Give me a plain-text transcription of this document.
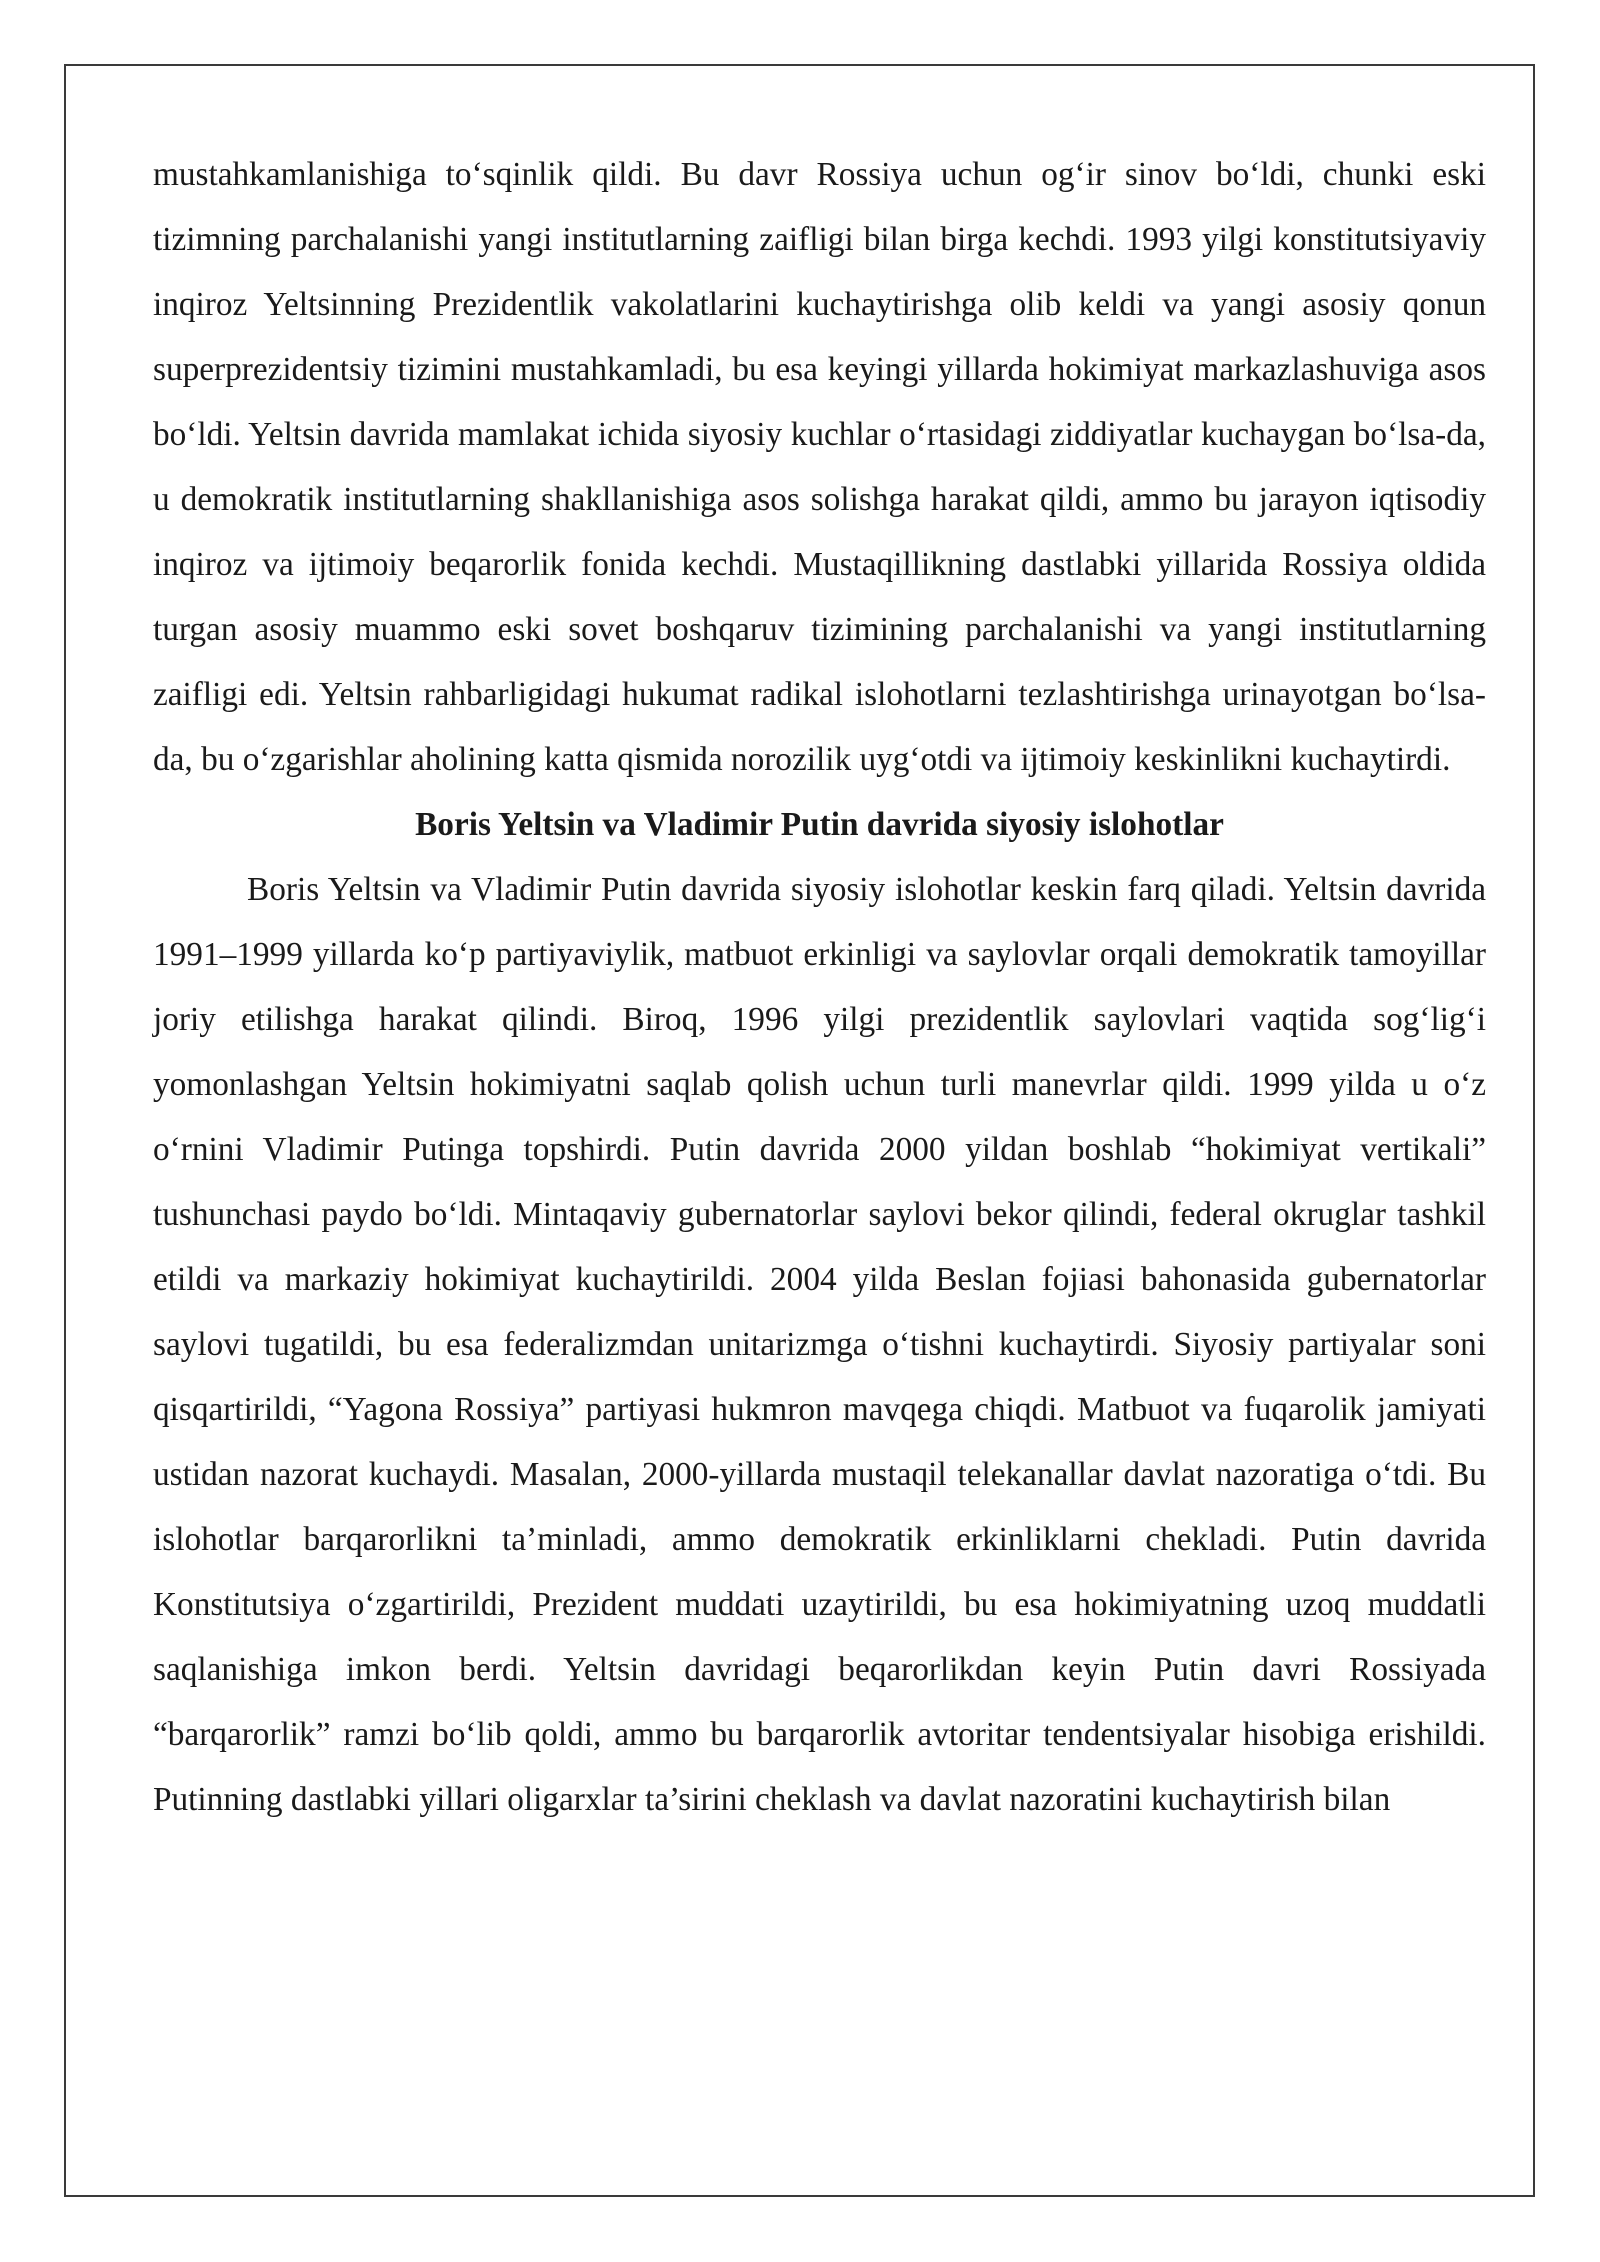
mustahkamlanishiga to‘sqinlik qildi. Bu davr Rossiya uchun og‘ir sinov bo‘ldi, chunki eski tizimning parchalanishi yangi institutlarning zaifligi bilan birga kechdi. 1993 yilgi konstitutsiyaviy inqiroz Yeltsinning Prezidentlik vakolatlarini kuchaytirishga olib keldi va yangi asosiy qonun superprezidentsiy tizimini mustahkamladi, bu esa keyingi yillarda hokimiyat markazlashuviga asos bo‘ldi. Yeltsin davrida mamlakat ichida siyosiy kuchlar o‘rtasidagi ziddiyatlar kuchaygan bo‘lsa-da, u demokratik institutlarning shakllanishiga asos solishga harakat qildi, ammo bu jarayon iqtisodiy inqiroz va ijtimoiy beqarorlik fonida kechdi. Mustaqillikning dastlabki yillarida Rossiya oldida turgan asosiy muammo eski sovet boshqaruv tizimining parchalanishi va yangi institutlarning zaifligi edi. Yeltsin rahbarligidagi hukumat radikal islohotlarni tezlashtirishga urinayotgan bo‘lsa-da, bu o‘zgarishlar aholining katta qismida norozilik uyg‘otdi va ijtimoiy keskinlikni kuchaytirdi.

Boris Yeltsin va Vladimir Putin davrida siyosiy islohotlar

Boris Yeltsin va Vladimir Putin davrida siyosiy islohotlar keskin farq qiladi. Yeltsin davrida 1991–1999 yillarda ko‘p partiyaviylik, matbuot erkinligi va saylovlar orqali demokratik tamoyillar joriy etilishga harakat qilindi. Biroq, 1996 yilgi prezidentlik saylovlari vaqtida sog‘lig‘i yomonlashgan Yeltsin hokimiyatni saqlab qolish uchun turli manevrlar qildi. 1999 yilda u o‘z o‘rnini Vladimir Putinga topshirdi. Putin davrida 2000 yildan boshlab “hokimiyat vertikali” tushunchasi paydo bo‘ldi. Mintaqaviy gubernatorlar saylovi bekor qilindi, federal okruglar tashkil etildi va markaziy hokimiyat kuchaytirildi. 2004 yilda Beslan fojiasi bahonasida gubernatorlar saylovi tugatildi, bu esa federalizmdan unitarizmga o‘tishni kuchaytirdi. Siyosiy partiyalar soni qisqartirildi, “Yagona Rossiya” partiyasi hukmron mavqega chiqdi. Matbuot va fuqarolik jamiyati ustidan nazorat kuchaydi. Masalan, 2000-yillarda mustaqil telekanallar davlat nazoratiga o‘tdi. Bu islohotlar barqarorlikni ta’minladi, ammo demokratik erkinliklarni chekladi. Putin davrida Konstitutsiya o‘zgartirildi, Prezident muddati uzaytirildi, bu esa hokimiyatning uzoq muddatli saqlanishiga imkon berdi. Yeltsin davridagi beqarorlikdan keyin Putin davri Rossiyada “barqarorlik” ramzi bo‘lib qoldi, ammo bu barqarorlik avtoritar tendentsiyalar hisobiga erishildi. Putinning dastlabki yillari oligarxlar ta’sirini cheklash va davlat nazoratini kuchaytirish bilan
